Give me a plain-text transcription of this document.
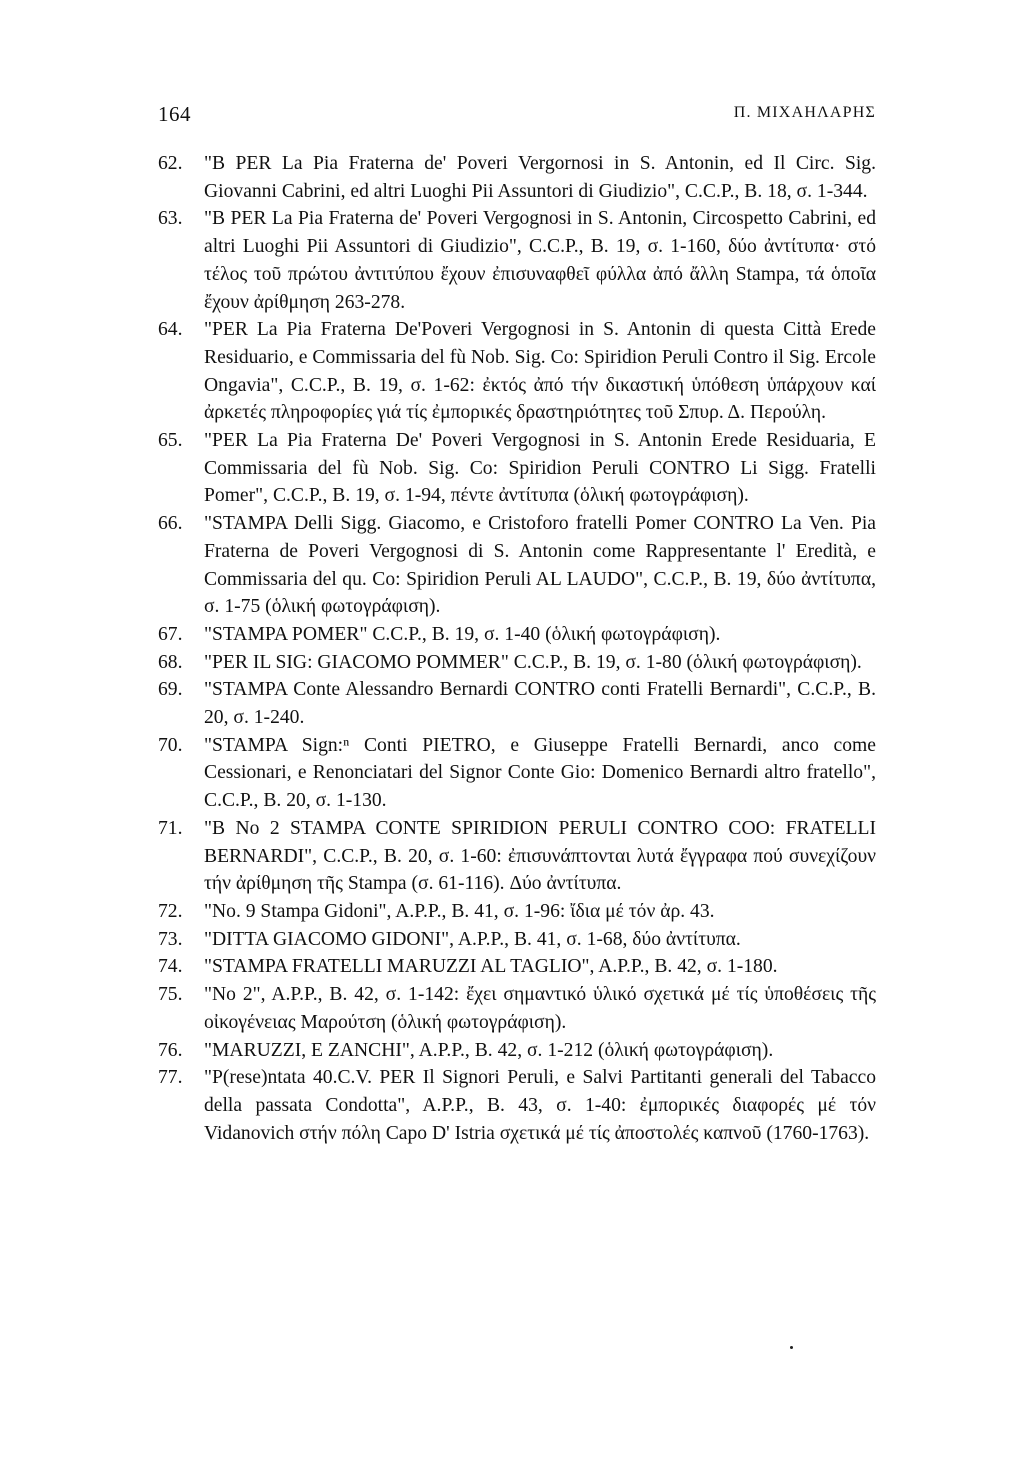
164	Π. ΜΙΧΑΗΛΑΡΗΣ
62.	"B PER La Pia Fraterna de' Poveri Vergornosi in S. Antonin, ed Il Circ. Sig. Giovanni Cabrini, ed altri Luoghi Pii Assuntori di Giudizio", C.C.P., B. 18, σ. 1-344.
63.	"B PER La Pia Fraterna de' Poveri Vergognosi in S. Antonin, Circospetto Cabrini, ed altri Luoghi Pii Assuntori di Giudizio", C.C.P., B. 19, σ. 1-160, δύο ἀντίτυπα· στό τέλος τοῦ πρώτου ἀντιτύπου ἔχουν ἐπισυναφθεῖ φύλλα ἀπό ἄλλη Stampa, τά ὁποῖα ἔχουν ἀρίθμηση 263-278.
64.	"PER La Pia Fraterna De'Poveri Vergognosi in S. Antonin di questa Città Erede Residuario, e Commissaria del fù Nob. Sig. Co: Spiridion Peruli Contro il Sig. Ercole Ongavia", C.C.P., B. 19, σ. 1-62: ἐκτός ἀπό τήν δικαστική ὑπόθεση ὑπάρχουν καί ἀρκετές πληροφορίες γιά τίς ἐμπορικές δραστηριότητες τοῦ Σπυρ. Δ. Περούλη.
65.	"PER La Pia Fraterna De' Poveri Vergognosi in S. Antonin Erede Residuaria, E Commissaria del fù Nob. Sig. Co: Spiridion Peruli CONTRO Li Sigg. Fratelli Pomer", C.C.P., B. 19, σ. 1-94, πέντε ἀντίτυπα (ὁλική φωτογράφιση).
66.	"STAMPA Delli Sigg. Giacomo, e Cristoforo fratelli Pomer CONTRO La Ven. Pia Fraterna de Poveri Vergognosi di S. Antonin come Rappresentante l' Eredità, e Commissaria del qu. Co: Spiridion Peruli AL LAUDO", C.C.P., B. 19, δύο ἀντίτυπα, σ. 1-75 (ὁλική φωτογράφιση).
67.	"STAMPA POMER" C.C.P., B. 19, σ. 1-40 (ὁλική φωτογράφιση).
68.	"PER IL SIG: GIACOMO POMMER" C.C.P., B. 19, σ. 1-80 (ὁλική φωτογράφιση).
69.	"STAMPA Conte Alessandro Bernardi CONTRO conti Fratelli Bernardi", C.C.P., B. 20, σ. 1-240.
70.	"STAMPA Sign:ⁿ Conti PIETRO, e Giuseppe Fratelli Bernardi, anco come Cessionari, e Renonciatari del Signor Conte Gio: Domenico Bernardi altro fratello", C.C.P., B. 20, σ. 1-130.
71.	"B No 2 STAMPA CONTE SPIRIDION PERULI CONTRO COO: FRATELLI BERNARDI", C.C.P., B. 20, σ. 1-60: ἐπισυνάπτονται λυτά ἔγγραφα πού συνεχίζουν τήν ἀρίθμηση τῆς Stampa (σ. 61-116). Δύο ἀντίτυπα.
72.	"No. 9 Stampa Gidoni", A.P.P., B. 41, σ. 1-96: ἴδια μέ τόν ἀρ. 43.
73.	"DITTA GIACOMO GIDONI", A.P.P., B. 41, σ. 1-68, δύο ἀντίτυπα.
74.	"STAMPA FRATELLI MARUZZI AL TAGLIO", A.P.P., B. 42, σ. 1-180.
75.	"No 2", A.P.P., B. 42, σ. 1-142: ἔχει σημαντικό ὑλικό σχετικά μέ τίς ὑποθέσεις τῆς οἰκογένειας Μαρούτση (ὁλική φωτογράφιση).
76.	"MARUZZI, E ZANCHI", A.P.P., B. 42, σ. 1-212 (ὁλική φωτογράφιση).
77.	"P(rese)ntata 40.C.V. PER Il Signori Peruli, e Salvi Partitanti generali del Tabacco della passata Condotta", A.P.P., B. 43, σ. 1-40: ἐμπορικές διαφορές μέ τόν Vidanovich στήν πόλη Capo D' Istria σχετικά μέ τίς ἀποστολές καπνοῦ (1760-1763).
